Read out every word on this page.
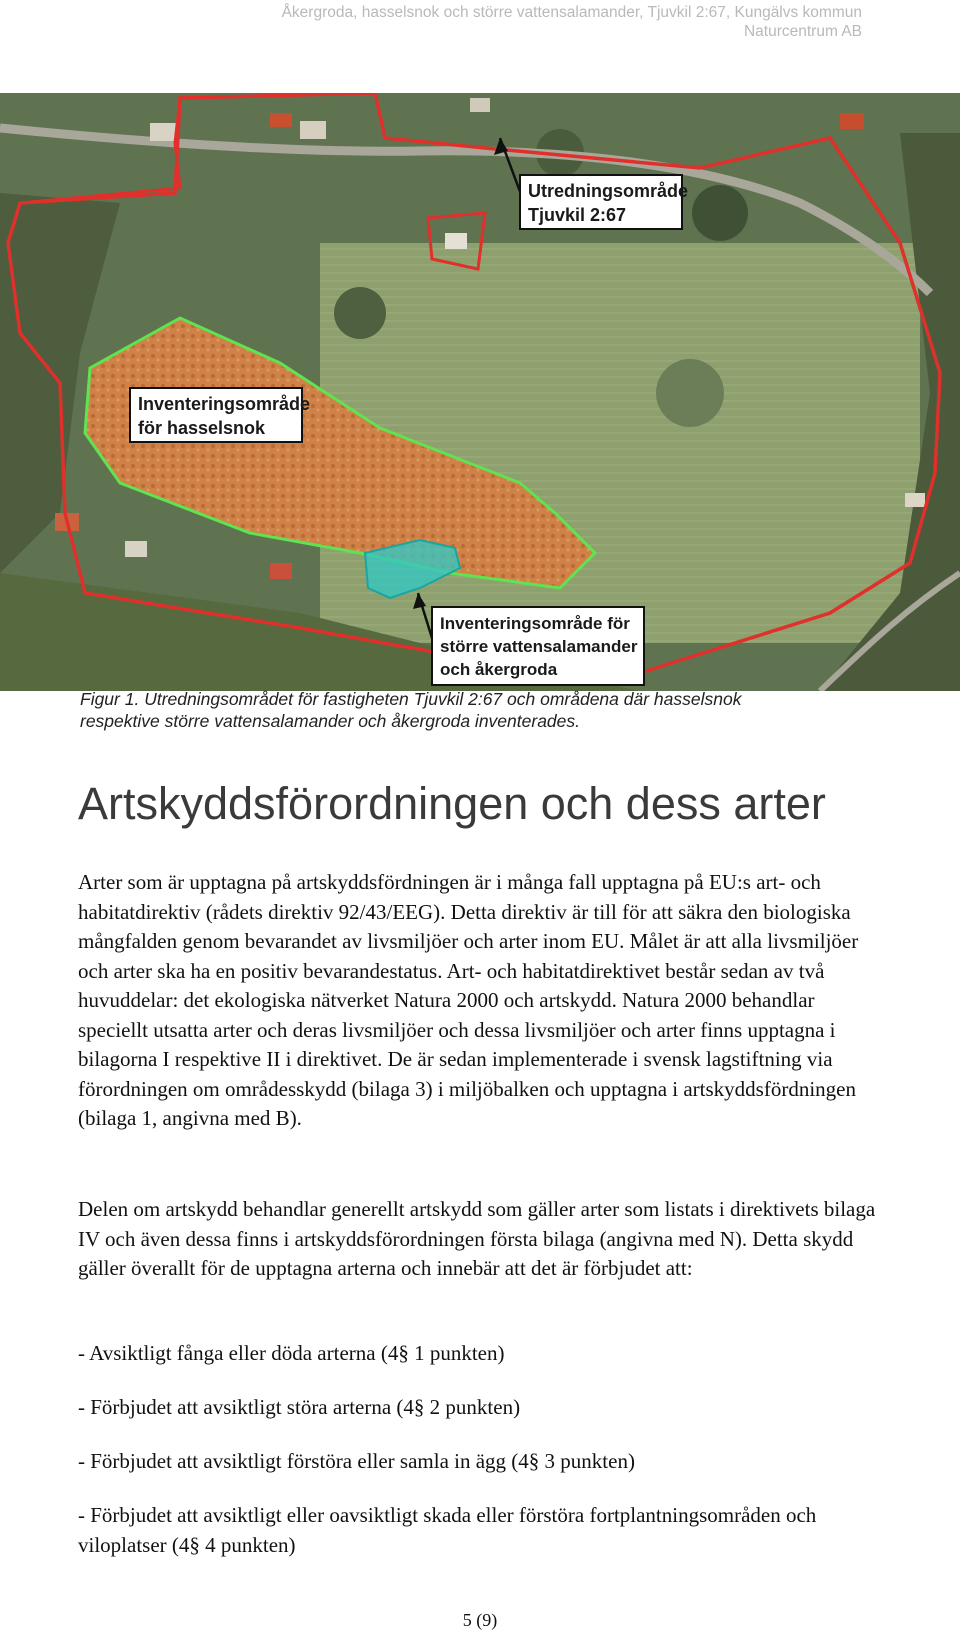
Åkergroda, hasselsnok och större vattensalamander, Tjuvkil 2:67, Kungälvs kommun
Naturcentrum AB
Utredningsområde
Tjuvkil 2:67
Inventeringsområde
för hasselsnok
Inventeringsområde för
större vattensalamander
och åkergroda
Figur 1. Utredningsområdet för fastigheten Tjuvkil 2:67 och områdena där hasselsnok
respektive större vattensalamander och åkergroda inventerades.
Artskyddsförordningen och dess arter

Arter som är upptagna på artskyddsfördningen är i många fall upptagna på EU:s art- och habitatdirektiv (rådets direktiv 92/43/EEG). Detta direktiv är till för att säkra den biologiska mångfalden genom bevarandet av livsmiljöer och arter inom EU. Målet är att alla livsmiljöer och arter ska ha en positiv bevarandestatus. Art- och habitatdirektivet består sedan av två huvuddelar: det ekologiska nätverket Natura 2000 och artskydd. Natura 2000 behandlar speciellt utsatta arter och deras livsmiljöer och dessa livsmiljöer och arter finns upptagna i bilagorna I respektive II i direktivet. De är sedan implementerade i svensk lagstiftning via förordningen om områdesskydd (bilaga 3) i miljöbalken och upptagna i artskyddsfördningen (bilaga 1, angivna med B).

Delen om artskydd behandlar generellt artskydd som gäller arter som listats i direktivets bilaga IV och även dessa finns i artskyddsförordningen första bilaga (angivna med N). Detta skydd gäller överallt för de upptagna arterna och innebär att det är förbjudet att:

- Avsiktligt fånga eller döda arterna (4§ 1 punkten)

- Förbjudet att avsiktligt störa arterna (4§ 2 punkten)

- Förbjudet att avsiktligt förstöra eller samla in ägg (4§ 3 punkten)

- Förbjudet att avsiktligt eller oavsiktligt skada eller förstöra fortplantningsområden och viloplatser (4§ 4 punkten)

5 (9)
